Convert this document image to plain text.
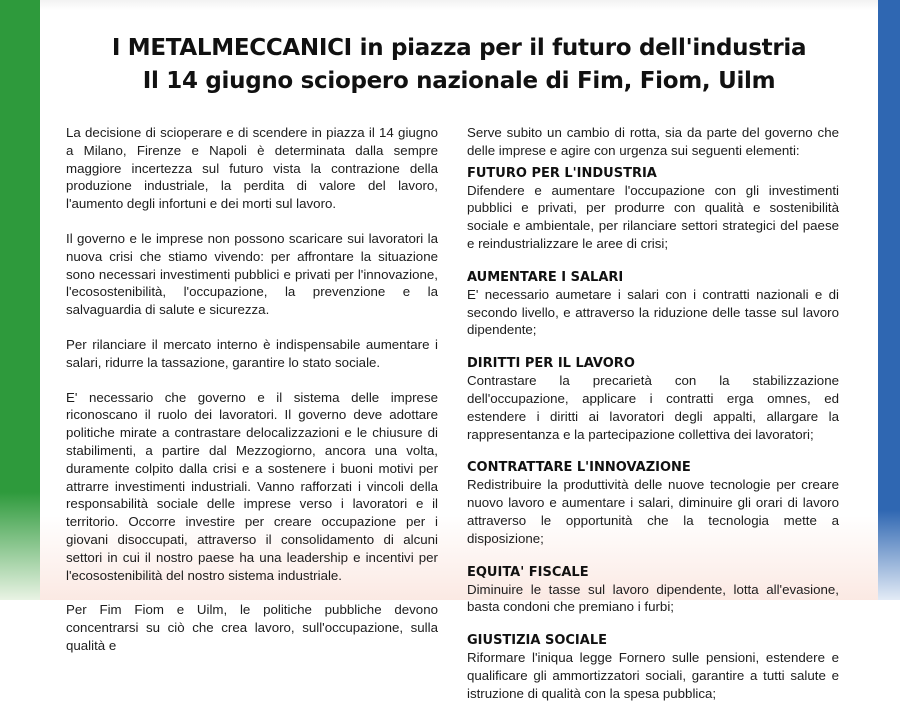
I METALMECCANICI in piazza per il futuro dell'industria
Il 14 giugno sciopero nazionale di Fim, Fiom, Uilm

La decisione di scioperare e di scendere in piazza il 14 giugno a Milano, Firenze e Napoli è determinata dalla sempre maggiore incertezza sul futuro vista la contrazione della produzione industriale, la perdita di valore del lavoro, l'aumento degli infortuni e dei morti sul lavoro.

Il governo e le imprese non possono scaricare sui lavoratori la nuova crisi che stiamo vivendo: per affrontare la situazione sono necessari investimenti pubblici e privati per l'innovazione, l'ecosostenibilità, l'occupazione, la prevenzione e la salvaguardia di salute e sicurezza.

Per rilanciare il mercato interno è indispensabile aumentare i salari, ridurre la tassazione, garantire lo stato sociale.

E' necessario che governo e il sistema delle imprese riconoscano il ruolo dei lavoratori. Il governo deve adottare politiche mirate a contrastare delocalizzazioni e le chiusure di stabilimenti, a partire dal Mezzogiorno, ancora una volta, duramente colpito dalla crisi e a sostenere i buoni motivi per attrarre investimenti industriali. Vanno rafforzati i vincoli della responsabilità sociale delle imprese verso i lavoratori e il territorio. Occorre investire per creare occupazione per i giovani disoccupati, attraverso il consolidamento di alcuni settori in cui il nostro paese ha una leadership e incentivi per l'ecosostenibilità del nostro sistema industriale.

Per Fim Fiom e Uilm, le politiche pubbliche devono concentrarsi su ciò che crea lavoro, sull'occupazione, sulla qualità e

Serve subito un cambio di rotta, sia da parte del governo che delle imprese e agire con urgenza sui seguenti elementi:

FUTURO PER L'INDUSTRIA

Difendere e aumentare l'occupazione con gli investimenti pubblici e privati, per produrre con qualità e sostenibilità sociale e ambientale, per rilanciare settori strategici del paese e reindustrializzare le aree di crisi;

AUMENTARE I SALARI

E' necessario aumetare i salari con i contratti nazionali e di secondo livello, e attraverso la riduzione delle tasse sul lavoro dipendente;

DIRITTI PER IL LAVORO

Contrastare la precarietà con la stabilizzazione dell'occupazione, applicare i contratti erga omnes, ed estendere i diritti ai lavoratori degli appalti, allargare la rappresentanza e la partecipazione collettiva dei lavoratori;

CONTRATTARE L'INNOVAZIONE

Redistribuire la produttività delle nuove tecnologie per creare nuovo lavoro e aumentare i salari, diminuire gli orari di lavoro attraverso le opportunità che la tecnologia mette a disposizione;

EQUITA' FISCALE

Diminuire le tasse sul lavoro dipendente, lotta all'evasione, basta condoni che premiano i furbi;

GIUSTIZIA SOCIALE

Riformare l'iniqua legge Fornero sulle pensioni, estendere e qualificare gli ammortizzatori sociali, garantire a tutti salute e istruzione di qualità con la spesa pubblica;
